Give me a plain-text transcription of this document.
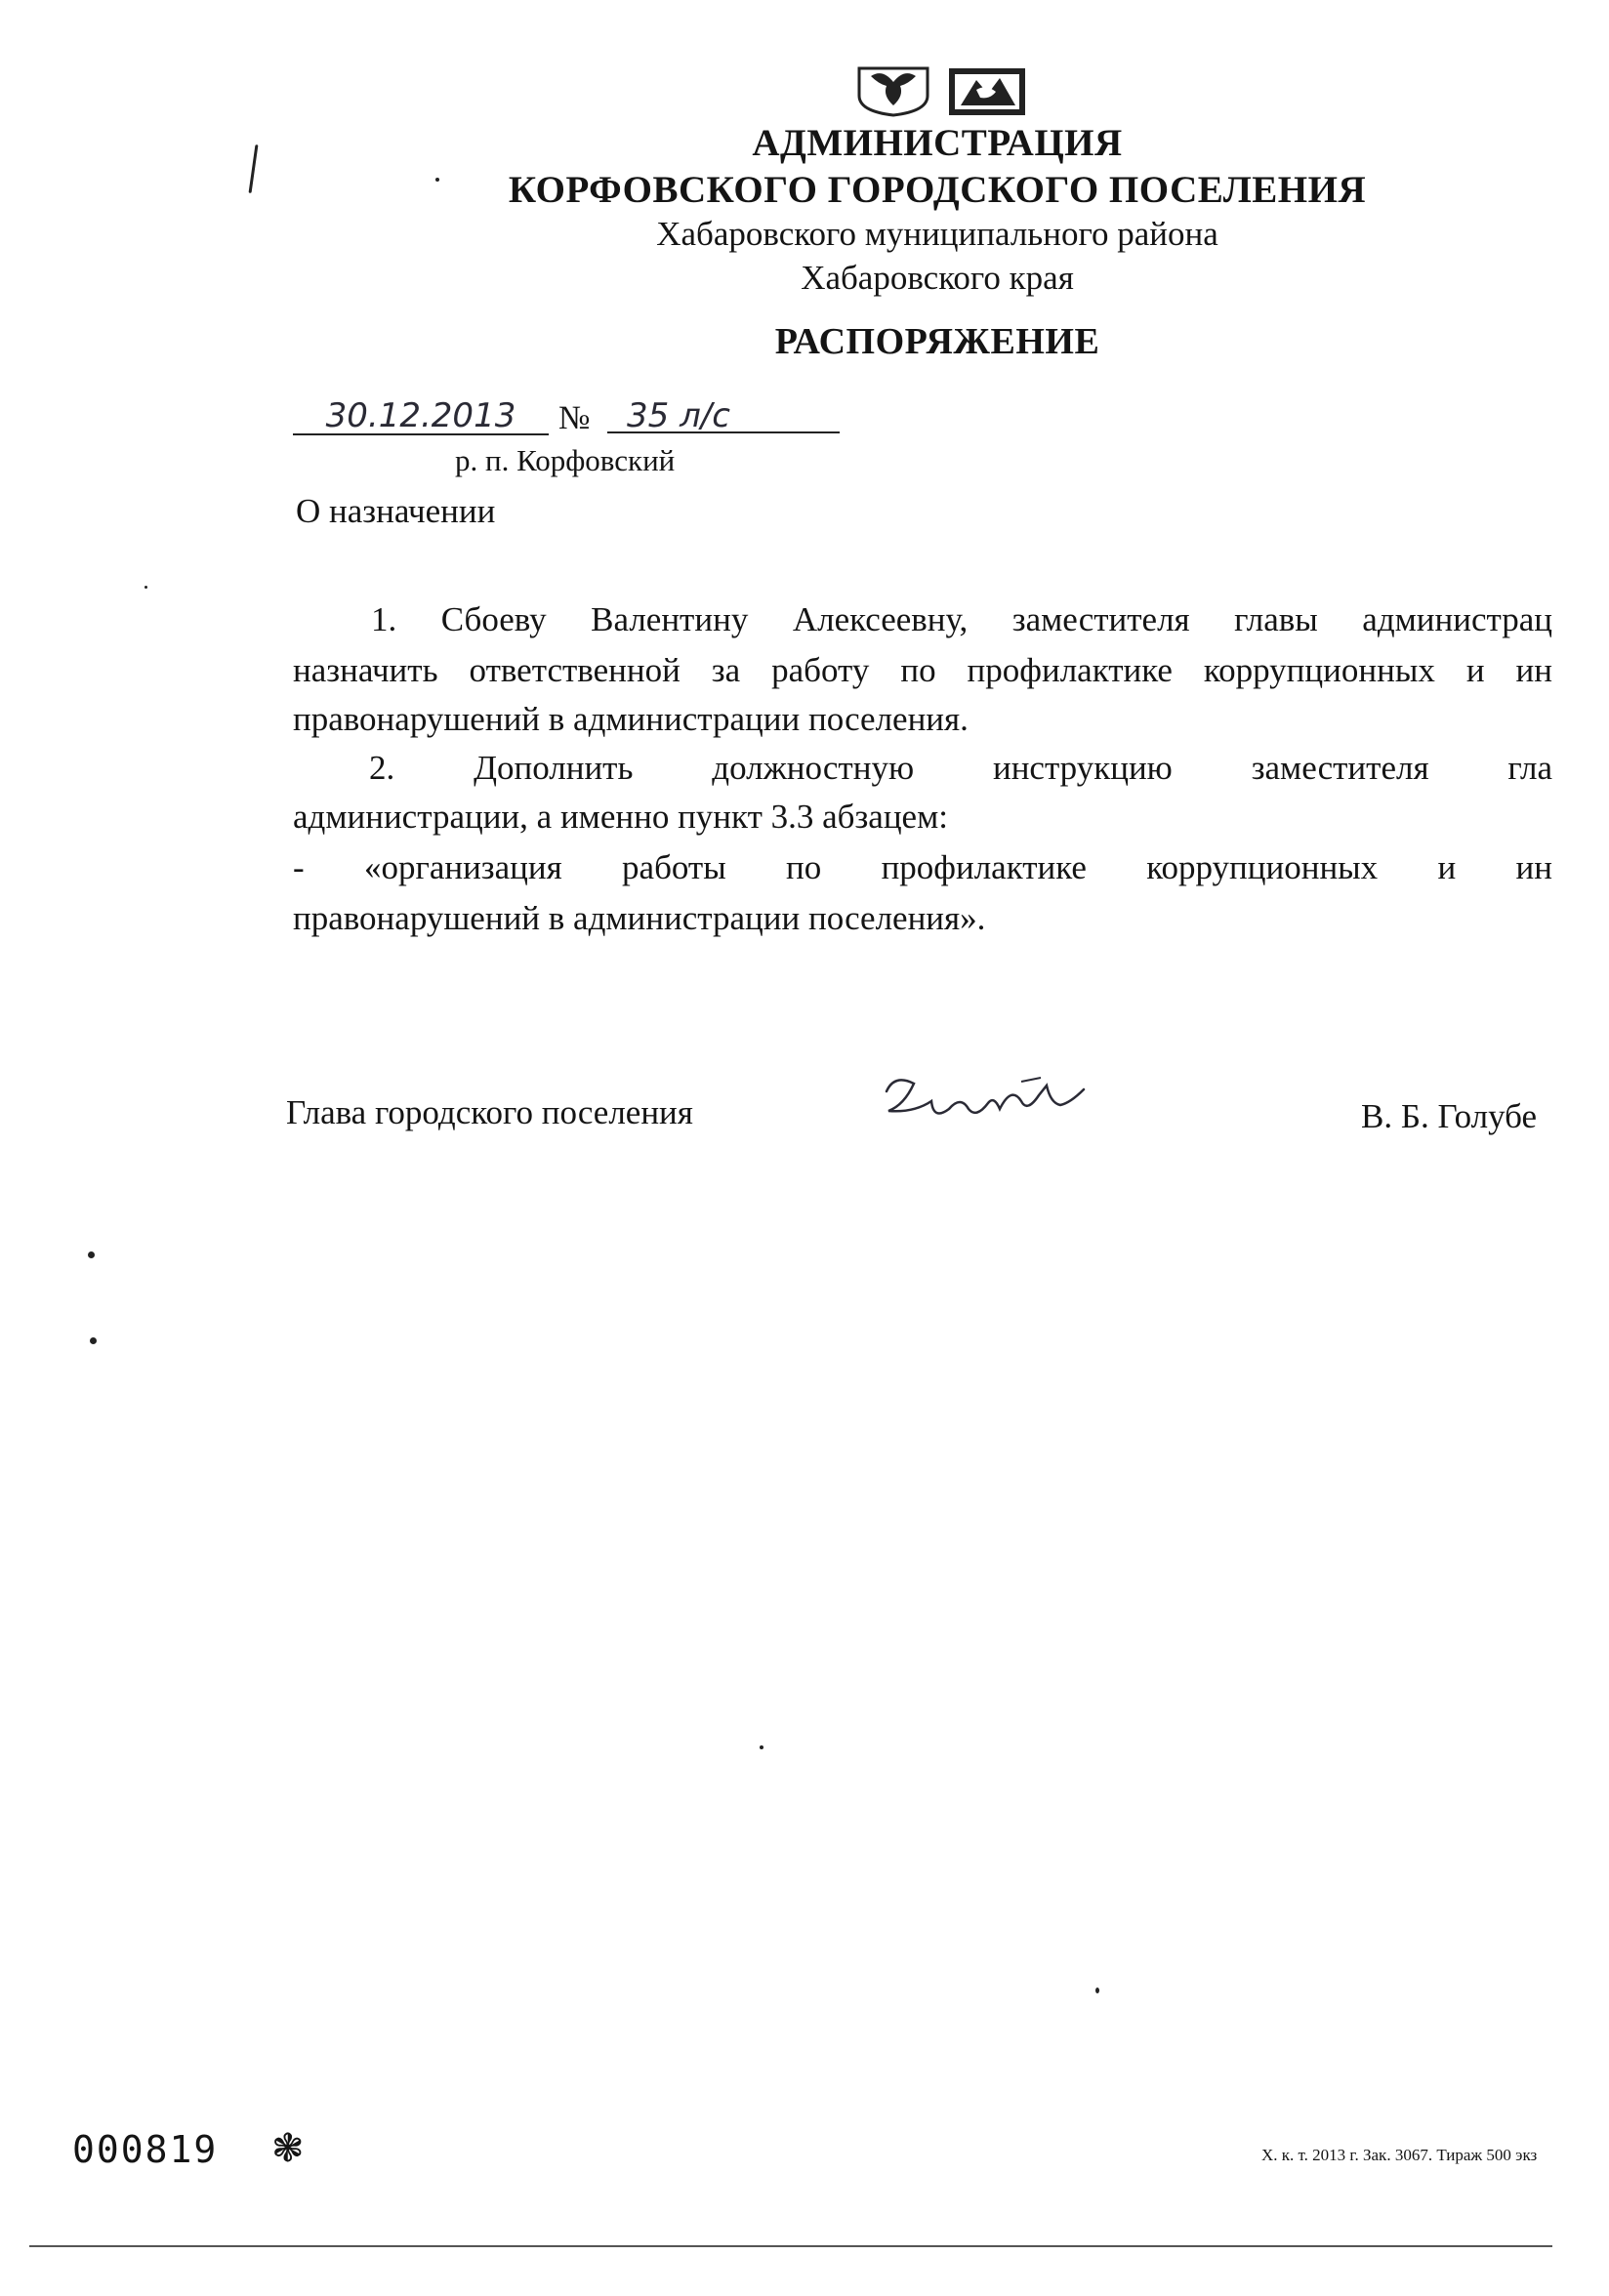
АДМИНИСТРАЦИЯ
КОРФОВСКОГО ГОРОДСКОГО ПОСЕЛЕНИЯ
Хабаровского муниципального района
Хабаровского края
РАСПОРЯЖЕНИЕ
30.12.2013	№	35 л/с
р. п. Корфовский
О назначении
1. Сбоеву Валентину Алексеевну, заместителя главы администрац
назначить ответственной за работу по профилактике коррупционных и ин
правонарушений в администрации поселения.
2. Дополнить должностную инструкцию заместителя гла
администрации, а именно пункт 3.3 абзацем:
- «организация работы по профилактике коррупционных и ин
правонарушений в администрации поселения».
Глава городского поселения	В. Б. Голубе
000819 ❃	Х. к. т. 2013 г. Зак. 3067. Тираж 500 экз
